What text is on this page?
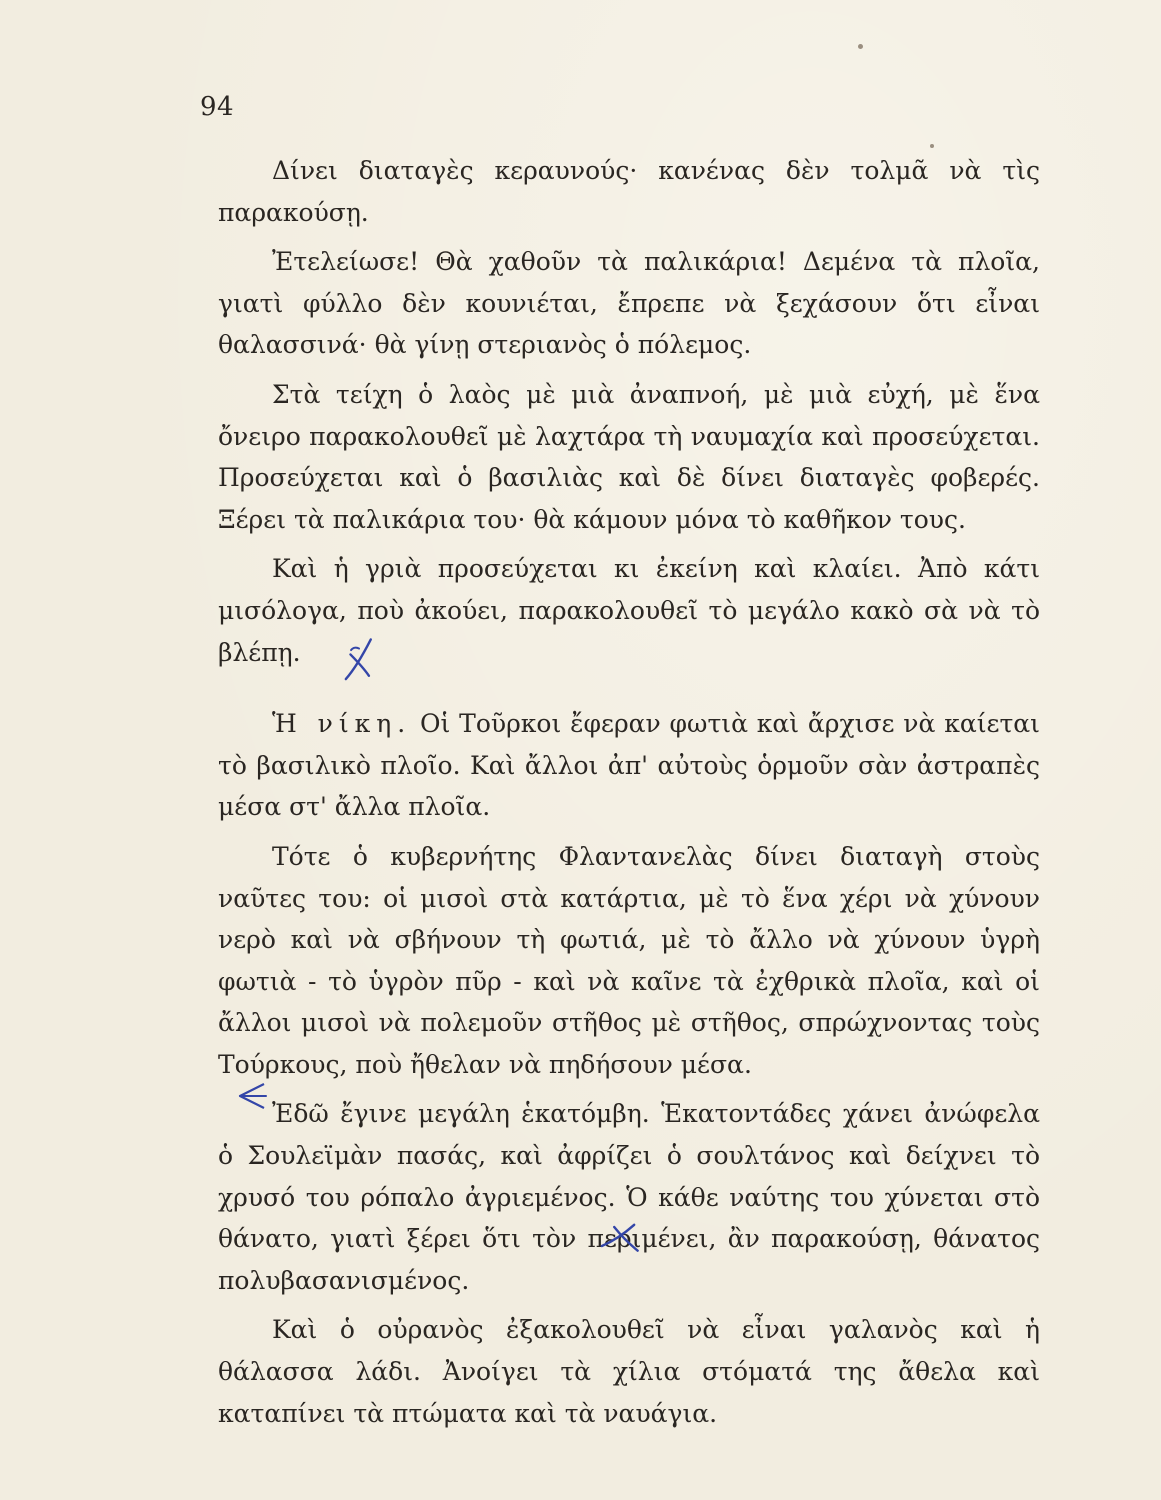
94

Δίνει διαταγὲς κεραυνούς· κανένας δὲν τολμᾶ νὰ τὶς παρακούσῃ.

Ἐτελείωσε! Θὰ χαθοῦν τὰ παλικάρια! Δεμένα τὰ πλοῖα, γιατὶ φύλλο δὲν κουνιέται, ἔπρεπε νὰ ξεχάσουν ὅτι εἶναι θαλασσινά· θὰ γίνῃ στεριανὸς ὁ πόλεμος.

Στὰ τείχη ὁ λαὸς μὲ μιὰ ἀναπνοή, μὲ μιὰ εὐχή, μὲ ἕνα ὄνειρο παρακολουθεῖ μὲ λαχτάρα τὴ ναυμαχία καὶ προσεύχεται. Προσεύχεται καὶ ὁ βασιλιὰς καὶ δὲ δίνει διαταγὲς φοβερές. Ξέρει τὰ παλικάρια του· θὰ κάμουν μόνα τὸ καθῆκον τους.

Καὶ ἡ γριὰ προσεύχεται κι ἐκείνη καὶ κλαίει. Ἀπὸ κάτι μισόλογα, ποὺ ἀκούει, παρακολουθεῖ τὸ μεγάλο κακὸ σὰ νὰ τὸ βλέπῃ.

Ἡ νίκη. Οἱ Τοῦρκοι ἔφεραν φωτιὰ καὶ ἄρχισε νὰ καίεται τὸ βασιλικὸ πλοῖο. Καὶ ἄλλοι ἀπ' αὐτοὺς ὁρμοῦν σὰν ἀστραπὲς μέσα στ' ἄλλα πλοῖα.

Τότε ὁ κυβερνήτης Φλαντανελὰς δίνει διαταγὴ στοὺς ναῦτες του: οἱ μισοὶ στὰ κατάρτια, μὲ τὸ ἕνα χέρι νὰ χύνουν νερὸ καὶ νὰ σβήνουν τὴ φωτιά, μὲ τὸ ἄλλο νὰ χύνουν ὑγρὴ φωτιὰ - τὸ ὑγρὸν πῦρ - καὶ νὰ καῖνε τὰ ἐχθρικὰ πλοῖα, καὶ οἱ ἄλλοι μισοὶ νὰ πολεμοῦν στῆθος μὲ στῆθος, σπρώχνοντας τοὺς Τούρκους, ποὺ ἤθελαν νὰ πηδήσουν μέσα.

Ἐδῶ ἔγινε μεγάλη ἑκατόμβη. Ἑκατοντάδες χάνει ἀνώφελα ὁ Σουλεϊμὰν πασάς, καὶ ἀφρίζει ὁ σουλτάνος καὶ δείχνει τὸ χρυσό του ρόπαλο ἀγριεμένος. Ὁ κάθε ναύτης του χύνεται στὸ θάνατο, γιατὶ ξέρει ὅτι τὸν περιμένει, ἂν παρακούσῃ, θάνατος πολυβασανισμένος.

Καὶ ὁ οὐρανὸς ἐξακολουθεῖ νὰ εἶναι γαλανὸς καὶ ἡ θάλασσα λάδι. Ἀνοίγει τὰ χίλια στόματά της ἄθελα καὶ καταπίνει τὰ πτώματα καὶ τὰ ναυάγια.
